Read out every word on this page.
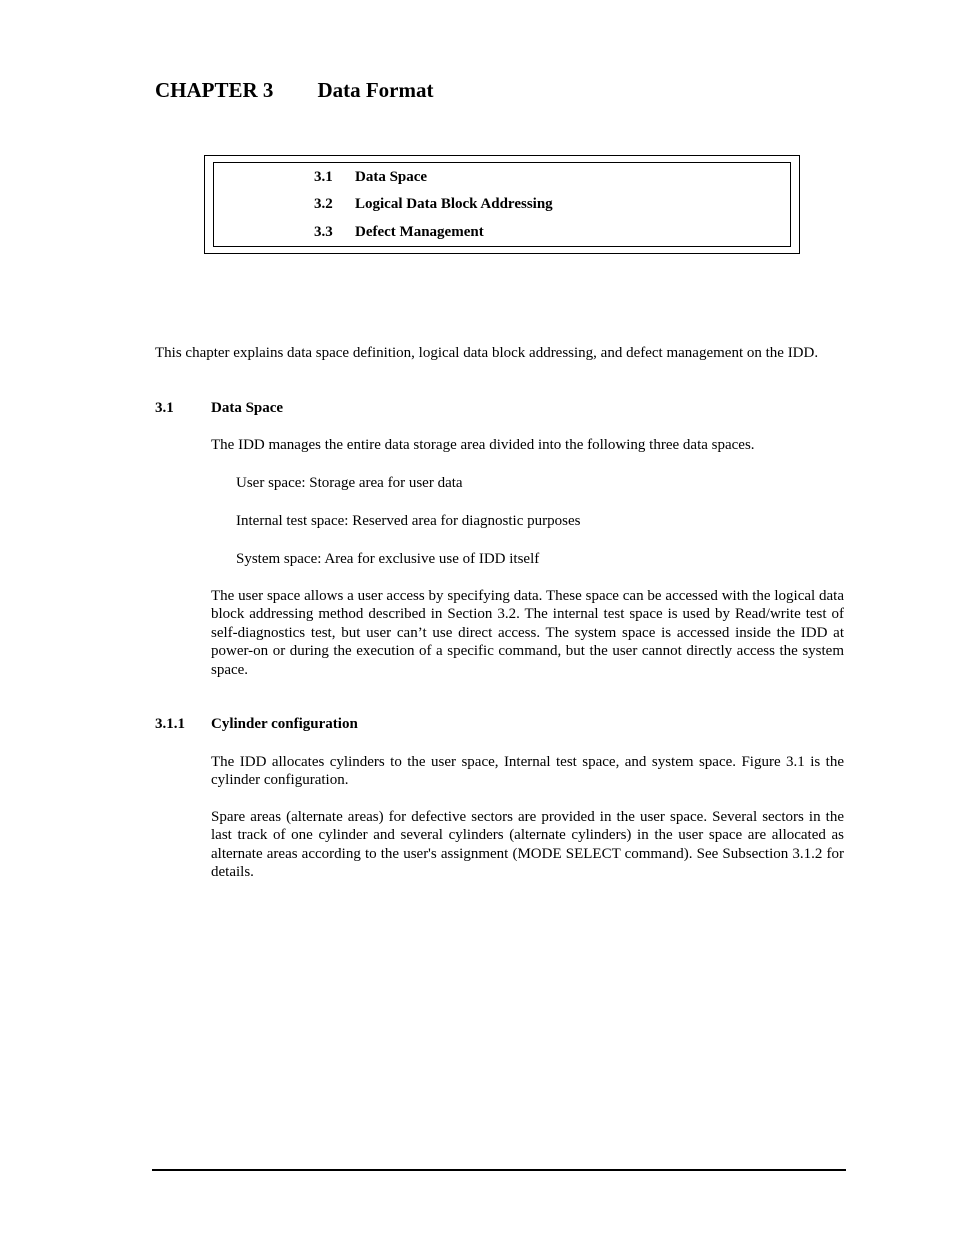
CHAPTER 3 Data Format
3.1 Data Space
3.2 Logical Data Block Addressing
3.3 Defect Management
This chapter explains data space definition, logical data block addressing, and defect management on the IDD.
3.1 Data Space
The IDD manages the entire data storage area divided into the following three data spaces.
User space: Storage area for user data
Internal test space: Reserved area for diagnostic purposes
System space: Area for exclusive use of IDD itself
The user space allows a user access by specifying data. These space can be accessed with the logical data block addressing method described in Section 3.2. The internal test space is used by Read/write test of self-diagnostics test, but user can’t use direct access. The system space is accessed inside the IDD at power-on or during the execution of a specific command, but the user cannot directly access the system space.
3.1.1 Cylinder configuration
The IDD allocates cylinders to the user space, Internal test space, and system space. Figure 3.1 is the cylinder configuration.
Spare areas (alternate areas) for defective sectors are provided in the user space. Several sectors in the last track of one cylinder and several cylinders (alternate cylinders) in the user space are allocated as alternate areas according to the user's assignment (MODE SELECT command). See Subsection 3.1.2 for details.
